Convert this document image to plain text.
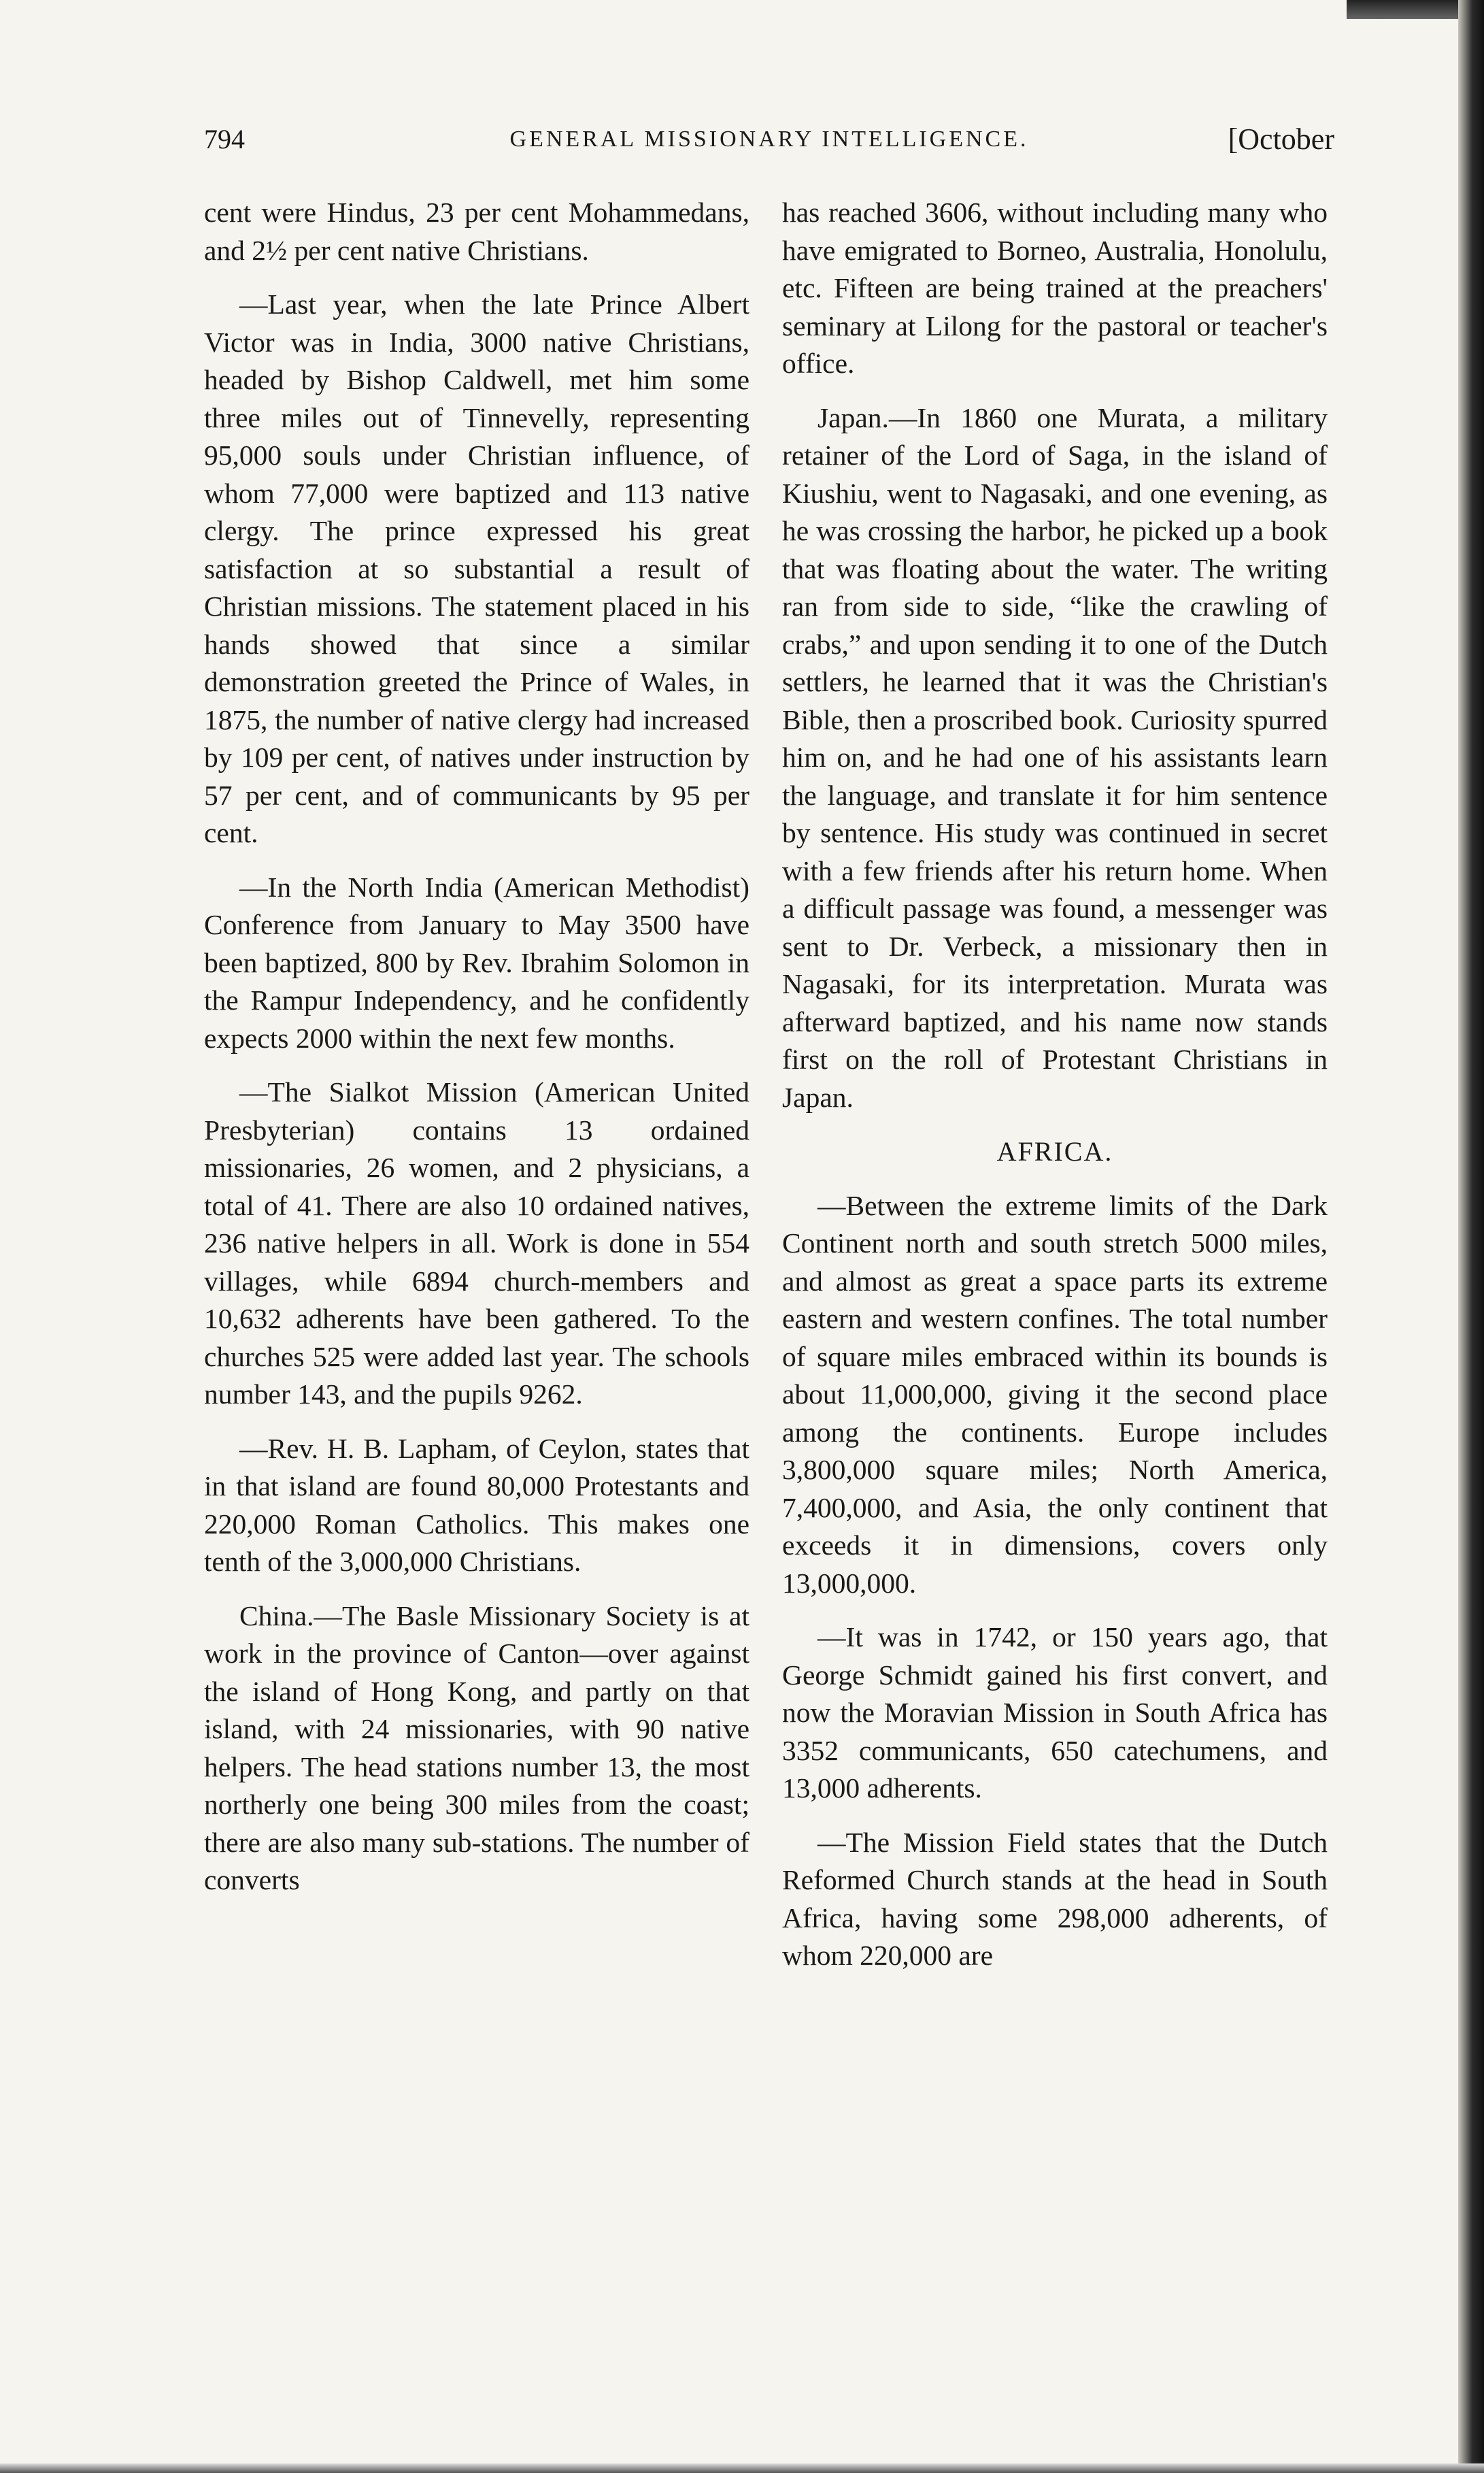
794	GENERAL MISSIONARY INTELLIGENCE.	[October

cent were Hindus, 23 per cent Mohammedans, and 2½ per cent native Christians.

—Last year, when the late Prince Albert Victor was in India, 3000 native Christians, headed by Bishop Caldwell, met him some three miles out of Tinnevelly, representing 95,000 souls under Christian influence, of whom 77,000 were baptized and 113 native clergy. The prince expressed his great satisfaction at so substantial a result of Christian missions. The statement placed in his hands showed that since a similar demonstration greeted the Prince of Wales, in 1875, the number of native clergy had increased by 109 per cent, of natives under instruction by 57 per cent, and of communicants by 95 per cent.

—In the North India (American Methodist) Conference from January to May 3500 have been baptized, 800 by Rev. Ibrahim Solomon in the Rampur Independency, and he confidently expects 2000 within the next few months.

—The Sialkot Mission (American United Presbyterian) contains 13 ordained missionaries, 26 women, and 2 physicians, a total of 41. There are also 10 ordained natives, 236 native helpers in all. Work is done in 554 villages, while 6894 church-members and 10,632 adherents have been gathered. To the churches 525 were added last year. The schools number 143, and the pupils 9262.

—Rev. H. B. Lapham, of Ceylon, states that in that island are found 80,000 Protestants and 220,000 Roman Catholics. This makes one tenth of the 3,000,000 Christians.

China.—The Basle Missionary Society is at work in the province of Canton—over against the island of Hong Kong, and partly on that island, with 24 missionaries, with 90 native helpers. The head stations number 13, the most northerly one being 300 miles from the coast; there are also many sub-stations. The number of converts

has reached 3606, without including many who have emigrated to Borneo, Australia, Honolulu, etc. Fifteen are being trained at the preachers' seminary at Lilong for the pastoral or teacher's office.

Japan.—In 1860 one Murata, a military retainer of the Lord of Saga, in the island of Kiushiu, went to Nagasaki, and one evening, as he was crossing the harbor, he picked up a book that was floating about the water. The writing ran from side to side, “like the crawling of crabs,” and upon sending it to one of the Dutch settlers, he learned that it was the Christian's Bible, then a proscribed book. Curiosity spurred him on, and he had one of his assistants learn the language, and translate it for him sentence by sentence. His study was continued in secret with a few friends after his return home. When a difficult passage was found, a messenger was sent to Dr. Verbeck, a missionary then in Nagasaki, for its interpretation. Murata was afterward baptized, and his name now stands first on the roll of Protestant Christians in Japan.

AFRICA.

—Between the extreme limits of the Dark Continent north and south stretch 5000 miles, and almost as great a space parts its extreme eastern and western confines. The total number of square miles embraced within its bounds is about 11,000,000, giving it the second place among the continents. Europe includes 3,800,000 square miles; North America, 7,400,000, and Asia, the only continent that exceeds it in dimensions, covers only 13,000,000.

—It was in 1742, or 150 years ago, that George Schmidt gained his first convert, and now the Moravian Mission in South Africa has 3352 communicants, 650 catechumens, and 13,000 adherents.

—The Mission Field states that the Dutch Reformed Church stands at the head in South Africa, having some 298,000 adherents, of whom 220,000 are
